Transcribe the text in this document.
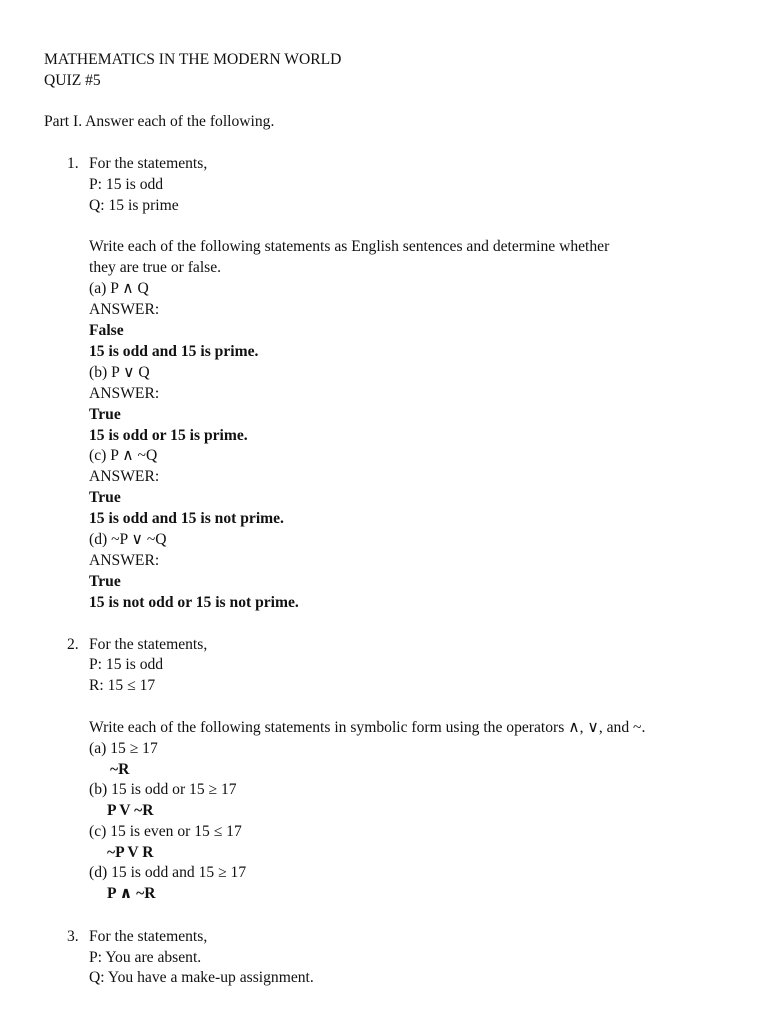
MATHEMATICS IN THE MODERN WORLD
QUIZ #5
Part I. Answer each of the following.
1. For the statements,
P: 15 is odd
Q: 15 is prime
Write each of the following statements as English sentences and determine whether
they are true or false.
(a) P ∧ Q
ANSWER:
False
15 is odd and 15 is prime.
(b) P ∨ Q
ANSWER:
True
15 is odd or 15 is prime.
(c) P ∧ ~Q
ANSWER:
True
15 is odd and 15 is not prime.
(d) ~P ∨ ~Q
ANSWER:
True
15 is not odd or 15 is not prime.
2. For the statements,
P: 15 is odd
R: 15 ≤ 17
Write each of the following statements in symbolic form using the operators ∧, ∨, and ~.
(a) 15 ≥ 17
~R
(b) 15 is odd or 15 ≥ 17
P V ~R
(c) 15 is even or 15 ≤ 17
~P V R
(d) 15 is odd and 15 ≥ 17
P ∧ ~R
3. For the statements,
P: You are absent.
Q: You have a make-up assignment.
